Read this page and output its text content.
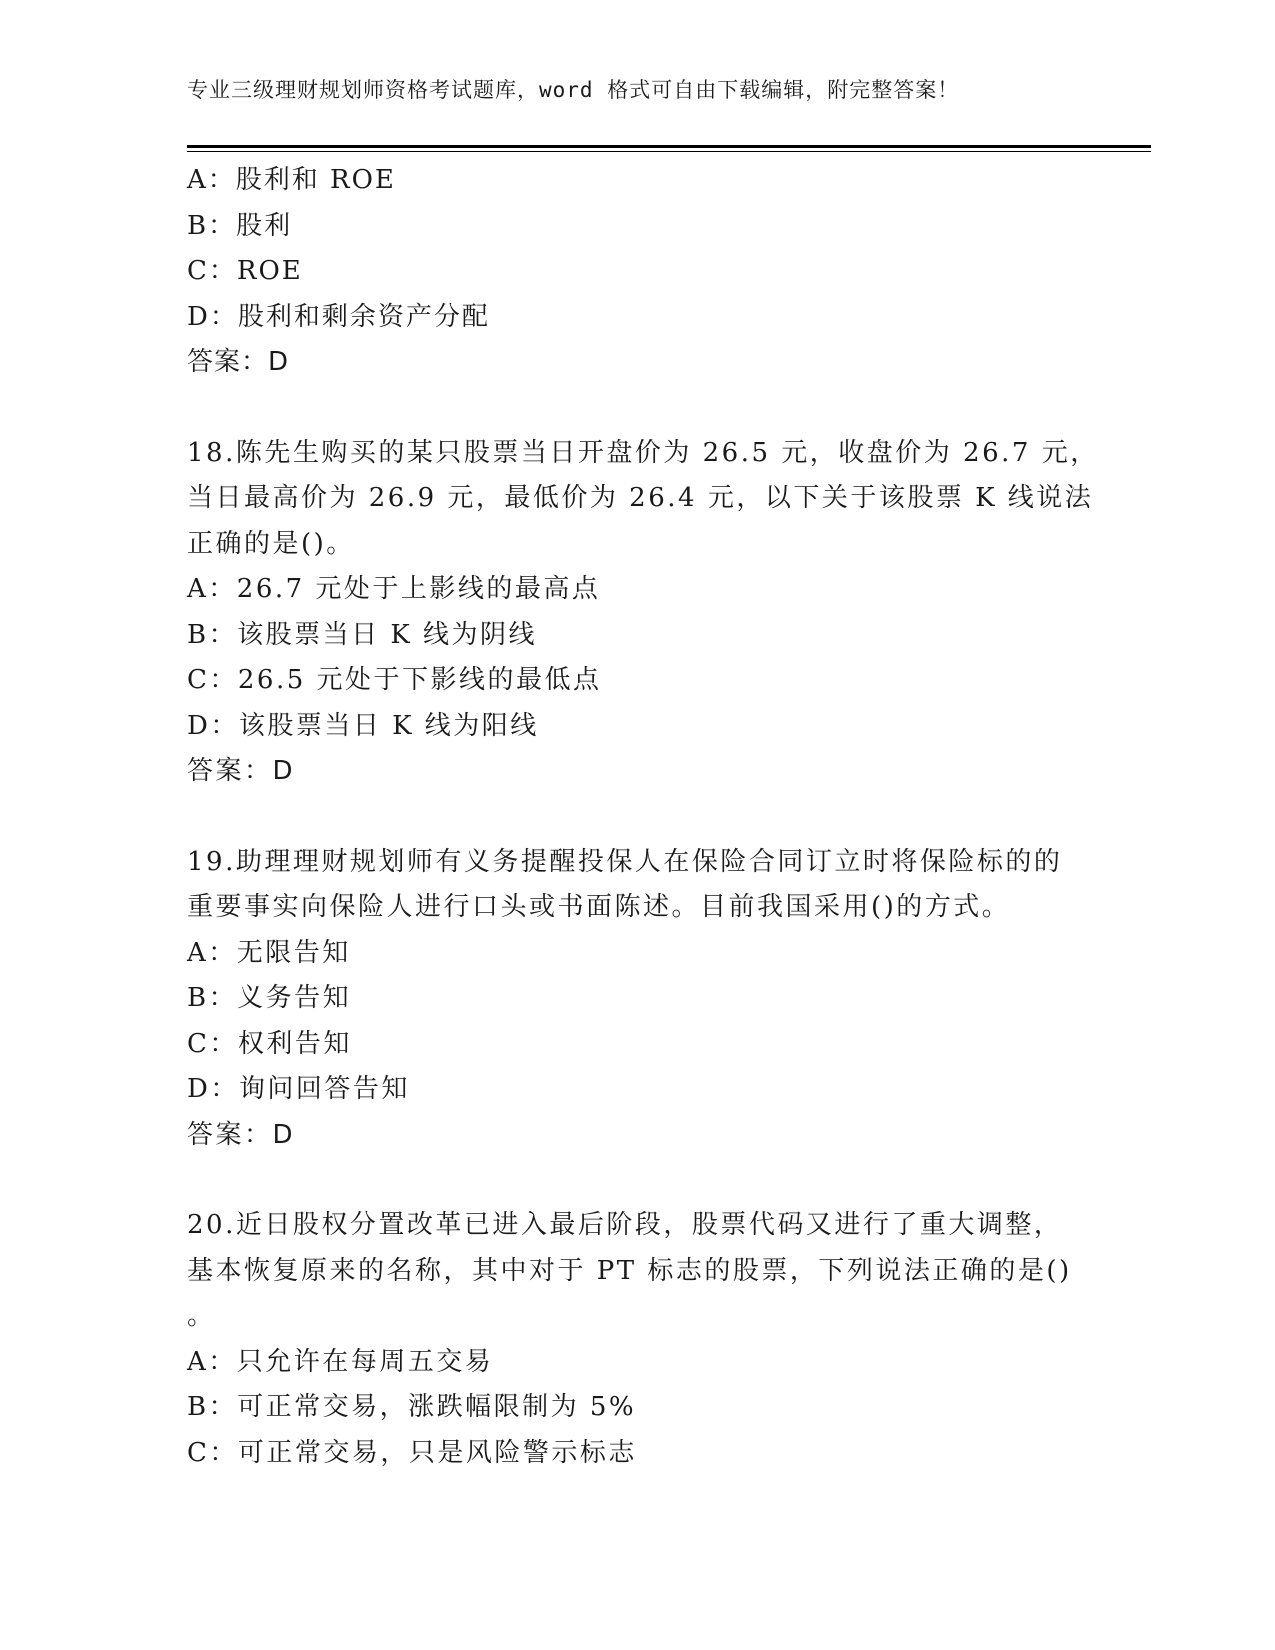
专业三级理财规划师资格考试题库，word 格式可自由下载编辑，附完整答案！
A：股利和 ROE
B：股利
C：ROE
D：股利和剩余资产分配
答案：D
18.陈先生购买的某只股票当日开盘价为 26.5 元，收盘价为 26.7 元，
当日最高价为 26.9 元，最低价为 26.4 元，以下关于该股票 K 线说法
正确的是()。
A：26.7 元处于上影线的最高点
B：该股票当日 K 线为阴线
C：26.5 元处于下影线的最低点
D：该股票当日 K 线为阳线
答案：D
19.助理理财规划师有义务提醒投保人在保险合同订立时将保险标的的
重要事实向保险人进行口头或书面陈述。目前我国采用()的方式。
A：无限告知
B：义务告知
C：权利告知
D：询问回答告知
答案：D
20.近日股权分置改革已进入最后阶段，股票代码又进行了重大调整，
基本恢复原来的名称，其中对于 PT 标志的股票，下列说法正确的是()
。
A：只允许在每周五交易
B：可正常交易，涨跌幅限制为 5%
C：可正常交易，只是风险警示标志
